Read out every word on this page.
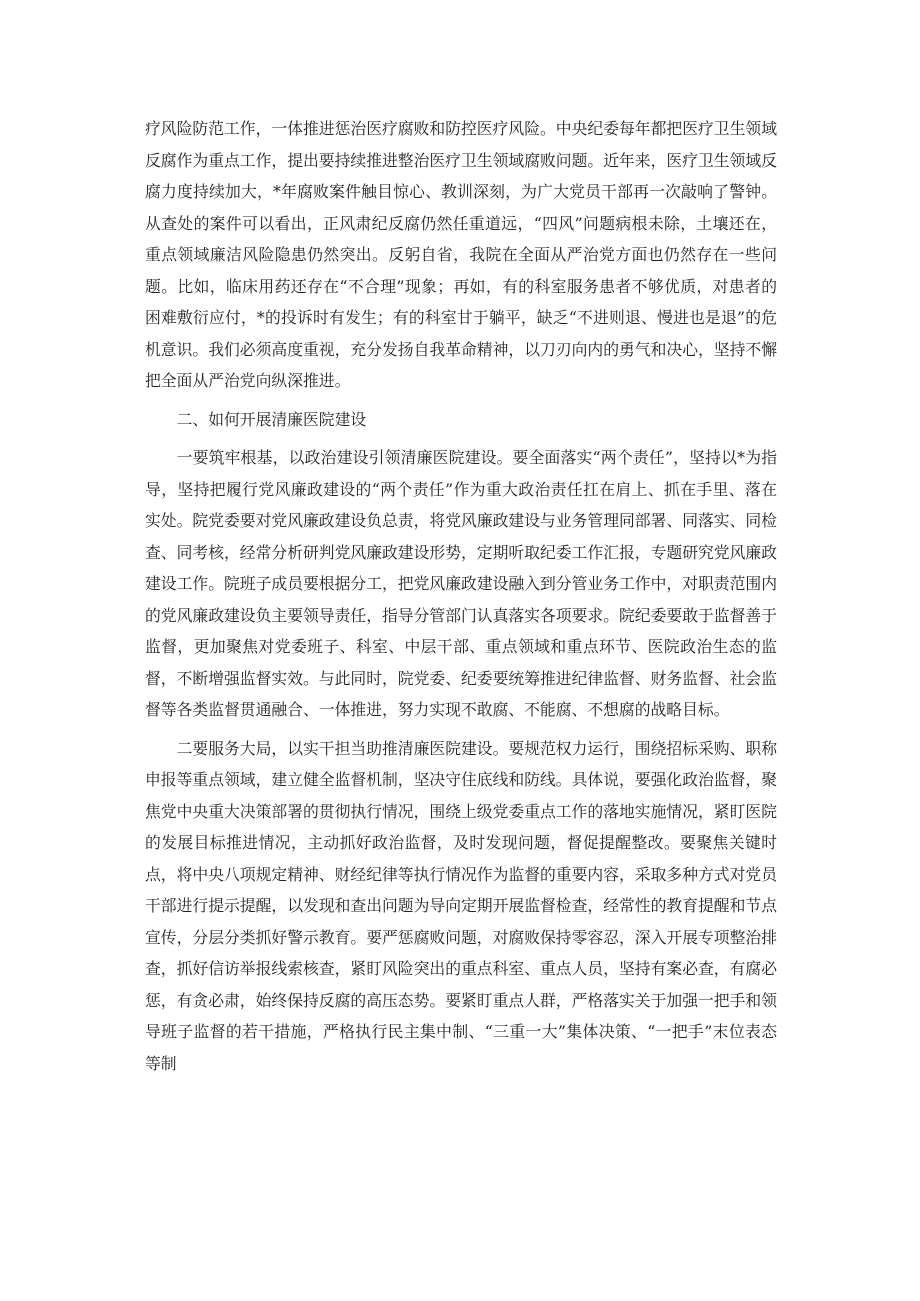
疗风险防范工作，一体推进惩治医疗腐败和防控医疗风险。中央纪委每年都把医疗卫生领域反腐作为重点工作，提出要持续推进整治医疗卫生领域腐败问题。近年来，医疗卫生领域反腐力度持续加大，*年腐败案件触目惊心、教训深刻，为广大党员干部再一次敲响了警钟。从查处的案件可以看出，正风肃纪反腐仍然任重道远，“四风”问题病根未除，土壤还在，重点领域廉洁风险隐患仍然突出。反躬自省，我院在全面从严治党方面也仍然存在一些问题。比如，临床用药还存在“不合理”现象；再如，有的科室服务患者不够优质，对患者的困难敷衍应付，*的投诉时有发生；有的科室甘于躺平，缺乏“不进则退、慢进也是退”的危机意识。我们必须高度重视，充分发扬自我革命精神，以刀刃向内的勇气和决心，坚持不懈把全面从严治党向纵深推进。

二、如何开展清廉医院建设

一要筑牢根基，以政治建设引领清廉医院建设。要全面落实“两个责任”，坚持以*为指导，坚持把履行党风廉政建设的“两个责任”作为重大政治责任扛在肩上、抓在手里、落在实处。院党委要对党风廉政建设负总责，将党风廉政建设与业务管理同部署、同落实、同检查、同考核，经常分析研判党风廉政建设形势，定期听取纪委工作汇报，专题研究党风廉政建设工作。院班子成员要根据分工，把党风廉政建设融入到分管业务工作中，对职责范围内的党风廉政建设负主要领导责任，指导分管部门认真落实各项要求。院纪委要敢于监督善于监督，更加聚焦对党委班子、科室、中层干部、重点领域和重点环节、医院政治生态的监督，不断增强监督实效。与此同时，院党委、纪委要统筹推进纪律监督、财务监督、社会监督等各类监督贯通融合、一体推进，努力实现不敢腐、不能腐、不想腐的战略目标。

二要服务大局，以实干担当助推清廉医院建设。要规范权力运行，围绕招标采购、职称申报等重点领域，建立健全监督机制，坚决守住底线和防线。具体说，要强化政治监督，聚焦党中央重大决策部署的贯彻执行情况，围绕上级党委重点工作的落地实施情况，紧盯医院的发展目标推进情况，主动抓好政治监督，及时发现问题，督促提醒整改。要聚焦关键时点，将中央八项规定精神、财经纪律等执行情况作为监督的重要内容，采取多种方式对党员干部进行提示提醒，以发现和查出问题为导向定期开展监督检查，经常性的教育提醒和节点宣传，分层分类抓好警示教育。要严惩腐败问题，对腐败保持零容忍，深入开展专项整治排查，抓好信访举报线索核查，紧盯风险突出的重点科室、重点人员，坚持有案必查，有腐必惩，有贪必肃，始终保持反腐的高压态势。要紧盯重点人群，严格落实关于加强一把手和领导班子监督的若干措施，严格执行民主集中制、“三重一大”集体决策、“一把手”末位表态等制
